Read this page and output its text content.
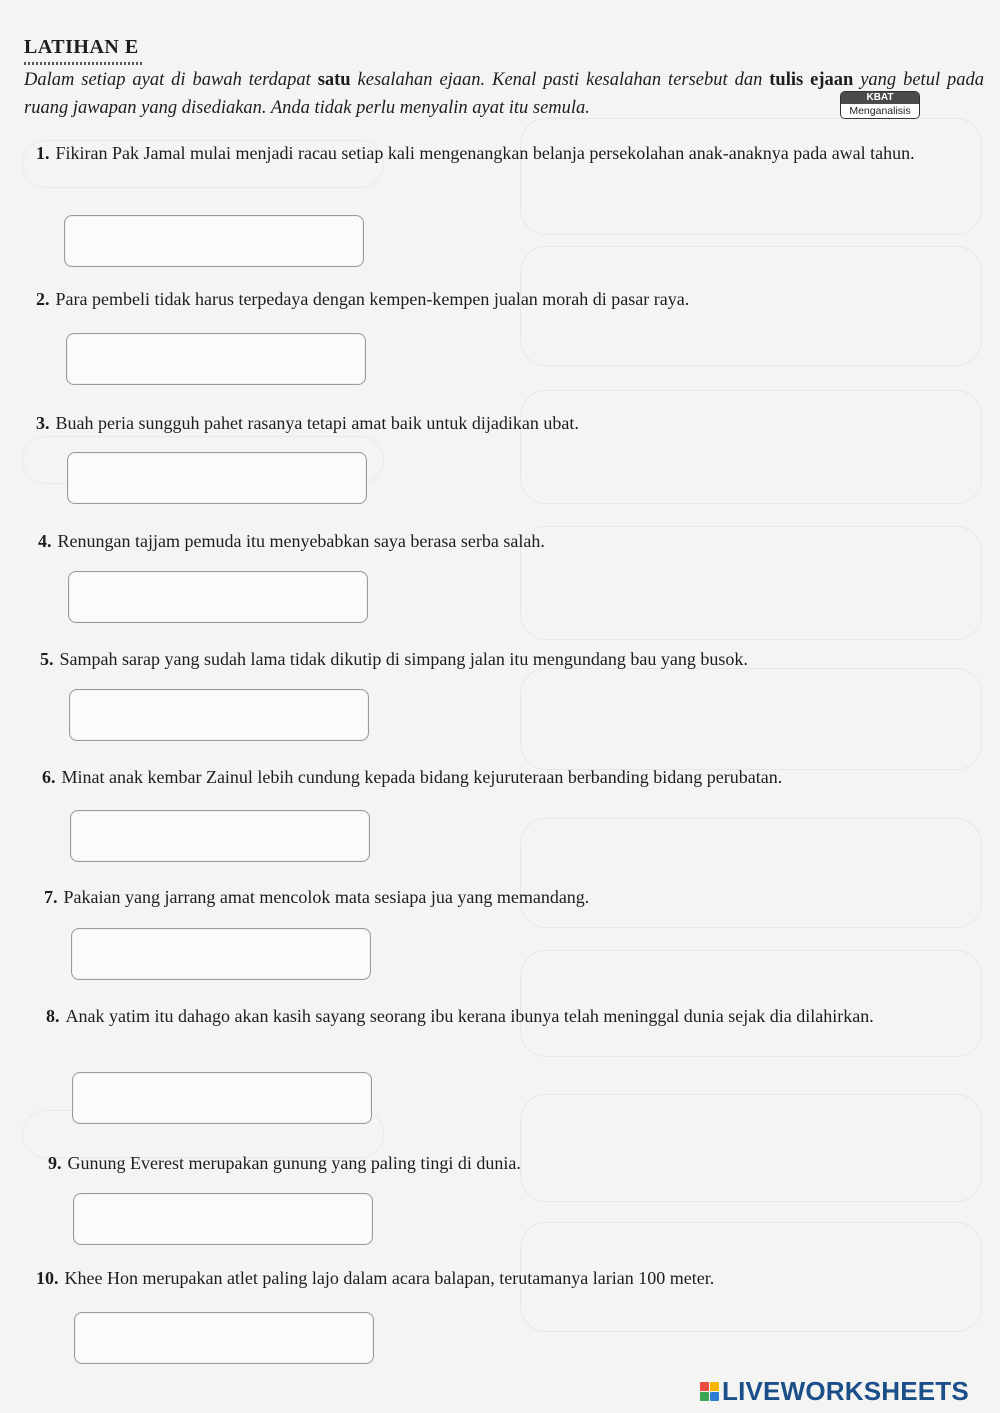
LATIHAN E
Dalam setiap ayat di bawah terdapat satu kesalahan ejaan. Kenal pasti kesalahan tersebut dan tulis ejaan yang betul pada ruang jawapan yang disediakan. Anda tidak perlu menyalin ayat itu semula.
KBAT
Menganalisis
1. Fikiran Pak Jamal mulai menjadi racau setiap kali mengenangkan belanja persekolahan anak-anaknya pada awal tahun.
2. Para pembeli tidak harus terpedaya dengan kempen-kempen jualan morah di pasar raya.
3. Buah peria sungguh pahet rasanya tetapi amat baik untuk dijadikan ubat.
4. Renungan tajjam pemuda itu menyebabkan saya berasa serba salah.
5. Sampah sarap yang sudah lama tidak dikutip di simpang jalan itu mengundang bau yang busok.
6. Minat anak kembar Zainul lebih cundung kepada bidang kejuruteraan berbanding bidang perubatan.
7. Pakaian yang jarrang amat mencolok mata sesiapa jua yang memandang.
8. Anak yatim itu dahago akan kasih sayang seorang ibu kerana ibunya telah meninggal dunia sejak dia dilahirkan.
9. Gunung Everest merupakan gunung yang paling tingi di dunia.
10. Khee Hon merupakan atlet paling lajo dalam acara balapan, terutamanya larian 100 meter.
LIVEWORKSHEETS
